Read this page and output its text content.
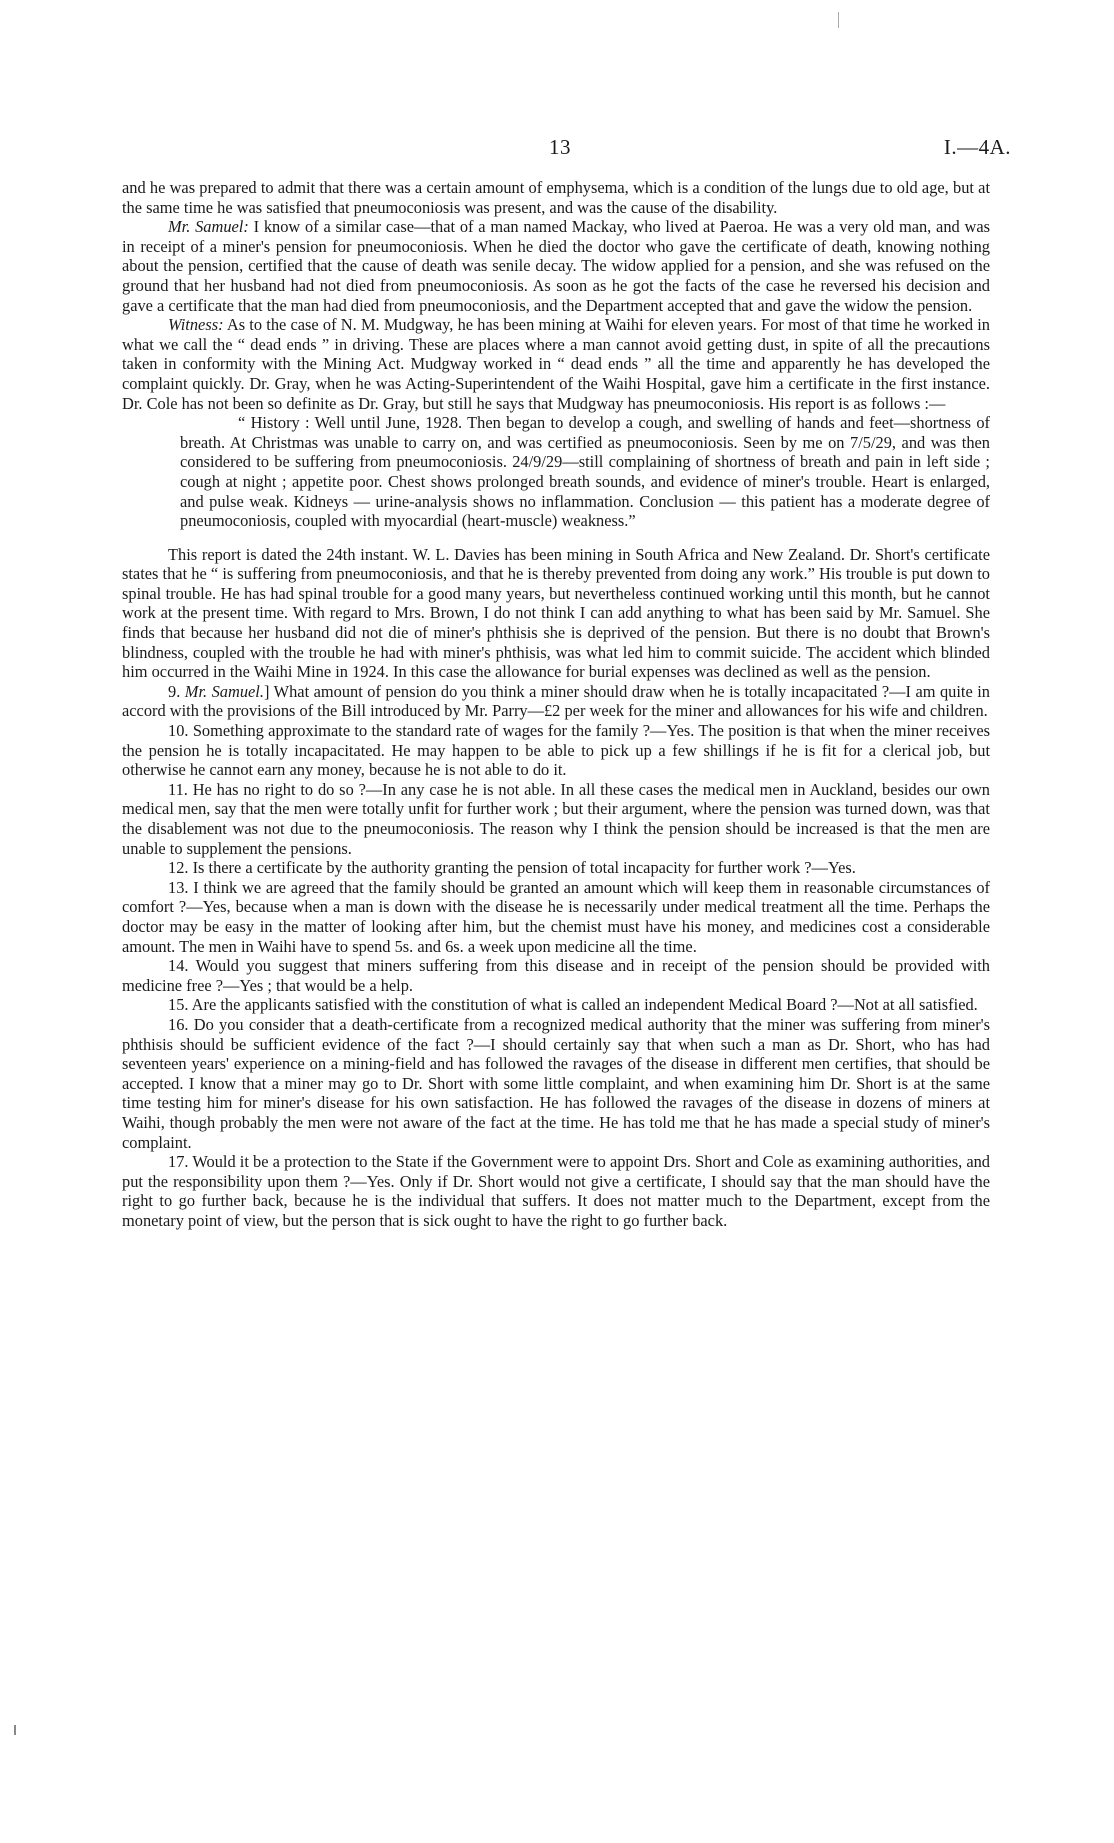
13	I.—4A.

and he was prepared to admit that there was a certain amount of emphysema, which is a condition of the lungs due to old age, but at the same time he was satisfied that pneumoconiosis was present, and was the cause of the disability.

Mr. Samuel: I know of a similar case—that of a man named Mackay, who lived at Paeroa. He was a very old man, and was in receipt of a miner's pension for pneumoconiosis. When he died the doctor who gave the certificate of death, knowing nothing about the pension, certified that the cause of death was senile decay. The widow applied for a pension, and she was refused on the ground that her husband had not died from pneumoconiosis. As soon as he got the facts of the case he reversed his decision and gave a certificate that the man had died from pneumoconiosis, and the Department accepted that and gave the widow the pension.

Witness: As to the case of N. M. Mudgway, he has been mining at Waihi for eleven years. For most of that time he worked in what we call the “ dead ends ” in driving. These are places where a man cannot avoid getting dust, in spite of all the precautions taken in conformity with the Mining Act. Mudgway worked in “ dead ends ” all the time and apparently he has developed the complaint quickly. Dr. Gray, when he was Acting-Superintendent of the Waihi Hospital, gave him a certificate in the first instance. Dr. Cole has not been so definite as Dr. Gray, but still he says that Mudgway has pneumoconiosis. His report is as follows :—

“ History : Well until June, 1928. Then began to develop a cough, and swelling of hands and feet—shortness of breath. At Christmas was unable to carry on, and was certified as pneumoconiosis. Seen by me on 7/5/29, and was then considered to be suffering from pneumoconiosis. 24/9/29—still complaining of shortness of breath and pain in left side ; cough at night ; appetite poor. Chest shows prolonged breath sounds, and evidence of miner's trouble. Heart is enlarged, and pulse weak. Kidneys — urine-analysis shows no inflammation. Conclusion — this patient has a moderate degree of pneumoconiosis, coupled with myocardial (heart-muscle) weakness.”

This report is dated the 24th instant. W. L. Davies has been mining in South Africa and New Zealand. Dr. Short's certificate states that he “ is suffering from pneumoconiosis, and that he is thereby prevented from doing any work.” His trouble is put down to spinal trouble. He has had spinal trouble for a good many years, but nevertheless continued working until this month, but he cannot work at the present time. With regard to Mrs. Brown, I do not think I can add anything to what has been said by Mr. Samuel. She finds that because her husband did not die of miner's phthisis she is deprived of the pension. But there is no doubt that Brown's blindness, coupled with the trouble he had with miner's phthisis, was what led him to commit suicide. The accident which blinded him occurred in the Waihi Mine in 1924. In this case the allowance for burial expenses was declined as well as the pension.

9. Mr. Samuel.] What amount of pension do you think a miner should draw when he is totally incapacitated ?—I am quite in accord with the provisions of the Bill introduced by Mr. Parry—£2 per week for the miner and allowances for his wife and children.

10. Something approximate to the standard rate of wages for the family ?—Yes. The position is that when the miner receives the pension he is totally incapacitated. He may happen to be able to pick up a few shillings if he is fit for a clerical job, but otherwise he cannot earn any money, because he is not able to do it.

11. He has no right to do so ?—In any case he is not able. In all these cases the medical men in Auckland, besides our own medical men, say that the men were totally unfit for further work ; but their argument, where the pension was turned down, was that the disablement was not due to the pneumoconiosis. The reason why I think the pension should be increased is that the men are unable to supplement the pensions.

12. Is there a certificate by the authority granting the pension of total incapacity for further work ?—Yes.

13. I think we are agreed that the family should be granted an amount which will keep them in reasonable circumstances of comfort ?—Yes, because when a man is down with the disease he is necessarily under medical treatment all the time. Perhaps the doctor may be easy in the matter of looking after him, but the chemist must have his money, and medicines cost a considerable amount. The men in Waihi have to spend 5s. and 6s. a week upon medicine all the time.

14. Would you suggest that miners suffering from this disease and in receipt of the pension should be provided with medicine free ?—Yes ; that would be a help.

15. Are the applicants satisfied with the constitution of what is called an independent Medical Board ?—Not at all satisfied.

16. Do you consider that a death-certificate from a recognized medical authority that the miner was suffering from miner's phthisis should be sufficient evidence of the fact ?—I should certainly say that when such a man as Dr. Short, who has had seventeen years' experience on a mining-field and has followed the ravages of the disease in different men certifies, that should be accepted. I know that a miner may go to Dr. Short with some little complaint, and when examining him Dr. Short is at the same time testing him for miner's disease for his own satisfaction. He has followed the ravages of the disease in dozens of miners at Waihi, though probably the men were not aware of the fact at the time. He has told me that he has made a special study of miner's complaint.

17. Would it be a protection to the State if the Government were to appoint Drs. Short and Cole as examining authorities, and put the responsibility upon them ?—Yes. Only if Dr. Short would not give a certificate, I should say that the man should have the right to go further back, because he is the individual that suffers. It does not matter much to the Department, except from the monetary point of view, but the person that is sick ought to have the right to go further back.
